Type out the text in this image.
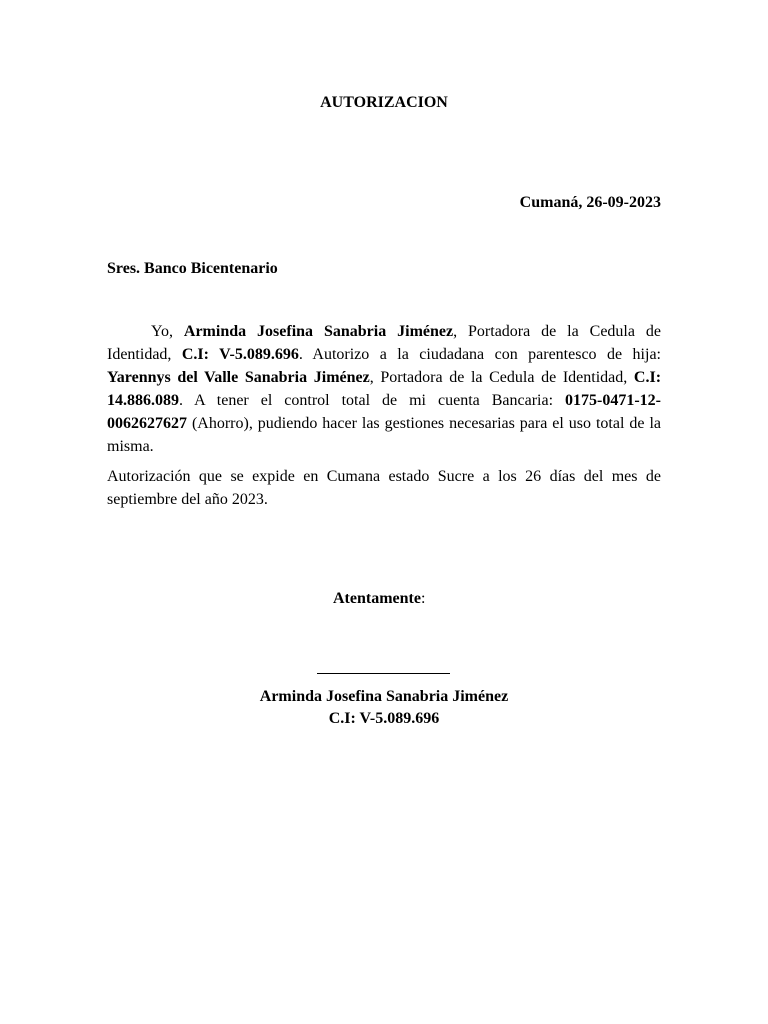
AUTORIZACION
Cumaná, 26-09-2023
Sres. Banco Bicentenario

Yo, Arminda Josefina Sanabria Jiménez, Portadora de la Cedula de Identidad, C.I: V-5.089.696. Autorizo a la ciudadana con parentesco de hija: Yarennys del Valle Sanabria Jiménez, Portadora de la Cedula de Identidad, C.I: 14.886.089. A tener el control total de mi cuenta Bancaria: 0175-0471-12-0062627627 (Ahorro), pudiendo hacer las gestiones necesarias para el uso total de la misma.

Autorización que se expide en Cumana estado Sucre a los 26 días del mes de septiembre del año 2023.

Atentamente:
Arminda Josefina Sanabria Jiménez
C.I: V-5.089.696
